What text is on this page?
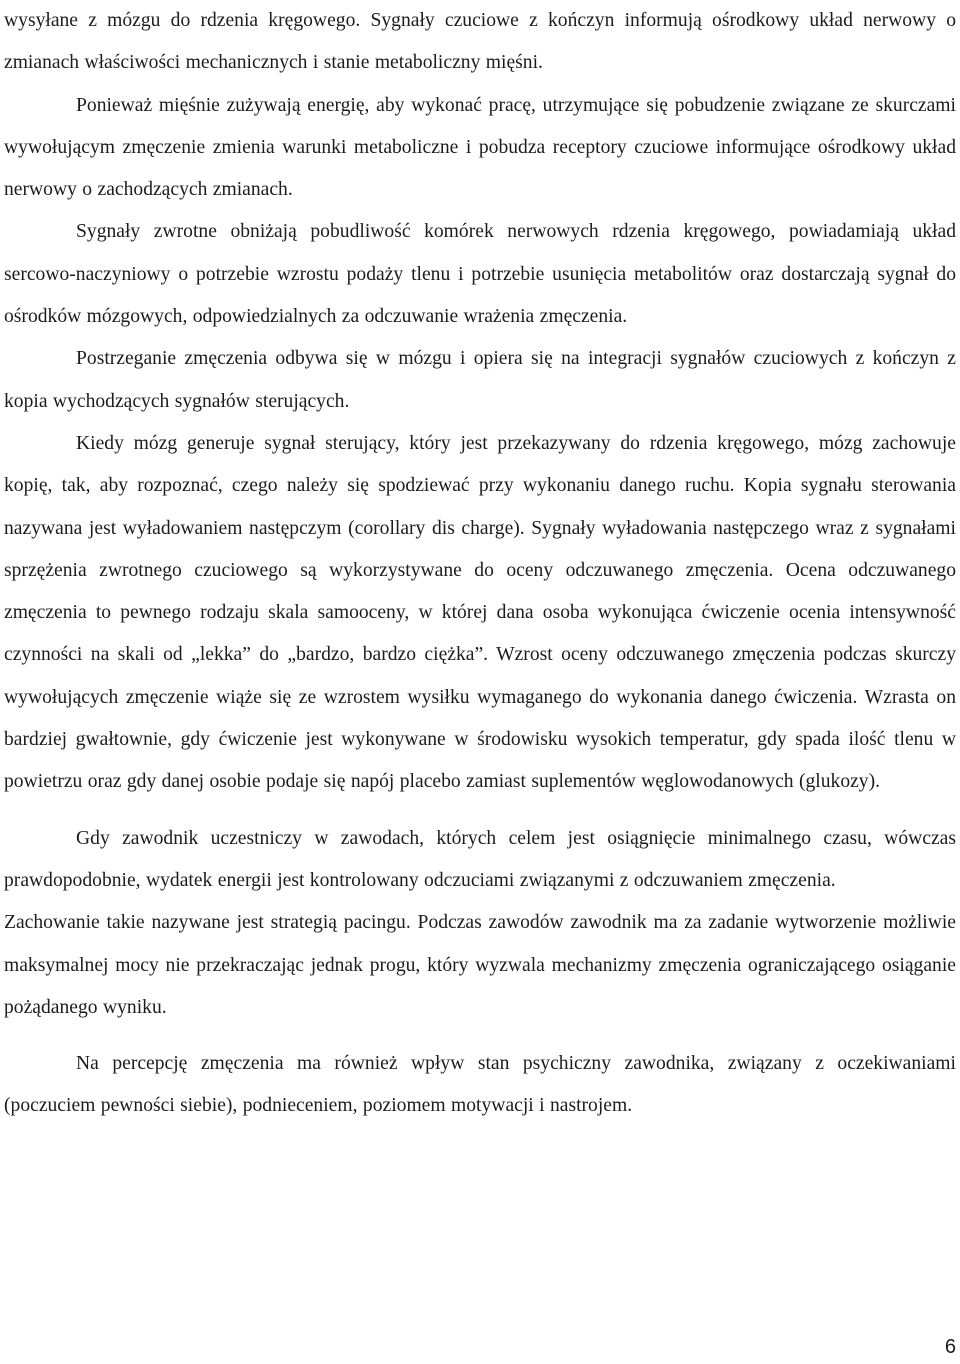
wysyłane z mózgu do rdzenia kręgowego. Sygnały czuciowe z kończyn informują ośrodkowy układ nerwowy o zmianach właściwości mechanicznych i stanie metaboliczny mięśni.

Ponieważ mięśnie zużywają energię, aby wykonać pracę, utrzymujące się pobudzenie związane ze skurczami wywołującym zmęczenie zmienia warunki metaboliczne i pobudza receptory czuciowe informujące ośrodkowy układ nerwowy o zachodzących zmianach.

Sygnały zwrotne obniżają pobudliwość komórek nerwowych rdzenia kręgowego, powiadamiają układ sercowo-naczyniowy o potrzebie wzrostu podaży tlenu i potrzebie usunięcia metabolitów oraz dostarczają sygnał do ośrodków mózgowych, odpowiedzialnych za odczuwanie wrażenia zmęczenia.

Postrzeganie zmęczenia odbywa się w mózgu i opiera się na integracji sygnałów czuciowych z kończyn z kopia wychodzących sygnałów sterujących.

Kiedy mózg generuje sygnał sterujący, który jest przekazywany do rdzenia kręgowego, mózg zachowuje kopię, tak, aby rozpoznać, czego należy się spodziewać przy wykonaniu danego ruchu. Kopia sygnału sterowania nazywana jest wyładowaniem następczym (corollary dis charge). Sygnały wyładowania następczego wraz z sygnałami sprzężenia zwrotnego czuciowego są wykorzystywane do oceny odczuwanego zmęczenia. Ocena odczuwanego zmęczenia to pewnego rodzaju skala samooceny, w której dana osoba wykonująca ćwiczenie ocenia intensywność czynności na skali od „lekka” do „bardzo, bardzo ciężka”. Wzrost oceny odczuwanego zmęczenia podczas skurczy wywołujących zmęczenie wiąże się ze wzrostem wysiłku wymaganego do wykonania danego ćwiczenia. Wzrasta on bardziej gwałtownie, gdy ćwiczenie jest wykonywane w środowisku wysokich temperatur, gdy spada ilość tlenu w powietrzu oraz gdy danej osobie podaje się napój placebo zamiast suplementów węglowodanowych (glukozy).

Gdy zawodnik uczestniczy w zawodach, których celem jest osiągnięcie minimalnego czasu, wówczas prawdopodobnie, wydatek energii jest kontrolowany odczuciami związanymi z odczuwaniem zmęczenia.

Zachowanie takie nazywane jest strategią pacingu. Podczas zawodów zawodnik ma za zadanie wytworzenie możliwie maksymalnej mocy nie przekraczając jednak progu, który wyzwala mechanizmy zmęczenia ograniczającego osiąganie pożądanego wyniku.

Na percepcję zmęczenia ma również wpływ stan psychiczny zawodnika, związany z oczekiwaniami (poczuciem pewności siebie), podnieceniem, poziomem motywacji i nastrojem.

6
